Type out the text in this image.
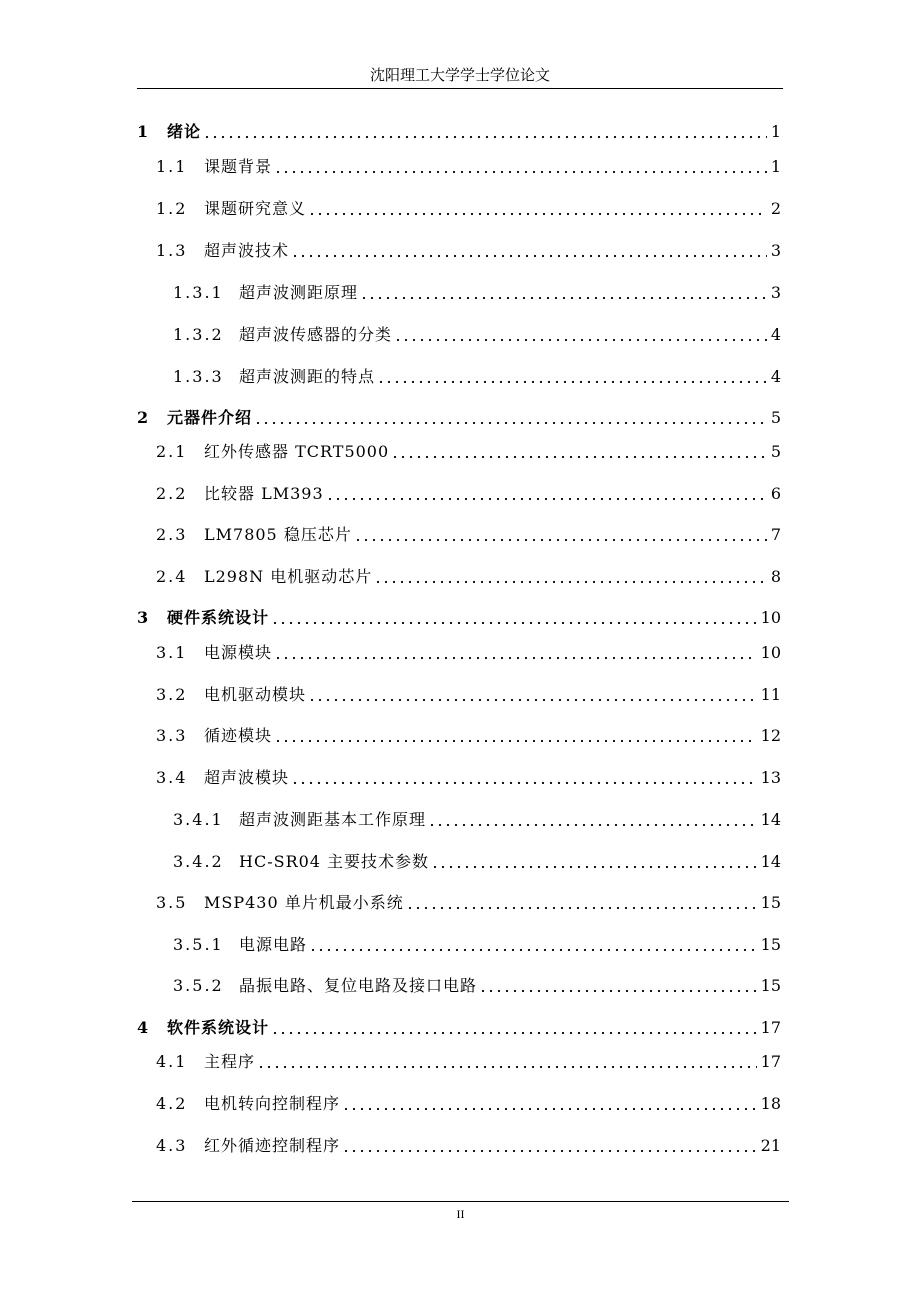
沈阳理工大学学士学位论文
1	绪论	1
1.1	课题背景	1
1.2	课题研究意义	2
1.3	超声波技术	3
1.3.1 超声波测距原理	3
1.3.2 超声波传感器的分类	4
1.3.3 超声波测距的特点	4
2	元器件介绍	5
2.1	红外传感器 TCRT5000	5
2.2	比较器 LM393	6
2.3	LM7805 稳压芯片	7
2.4	L298N 电机驱动芯片	8
3	硬件系统设计	10
3.1	电源模块	10
3.2	电机驱动模块	11
3.3	循迹模块	12
3.4	超声波模块	13
3.4.1 超声波测距基本工作原理	14
3.4.2 HC-SR04 主要技术参数	14
3.5	MSP430 单片机最小系统	15
3.5.1 电源电路	15
3.5.2 晶振电路、复位电路及接口电路	15
4	软件系统设计	17
4.1	主程序	17
4.2	电机转向控制程序	18
4.3	红外循迹控制程序	21
II
